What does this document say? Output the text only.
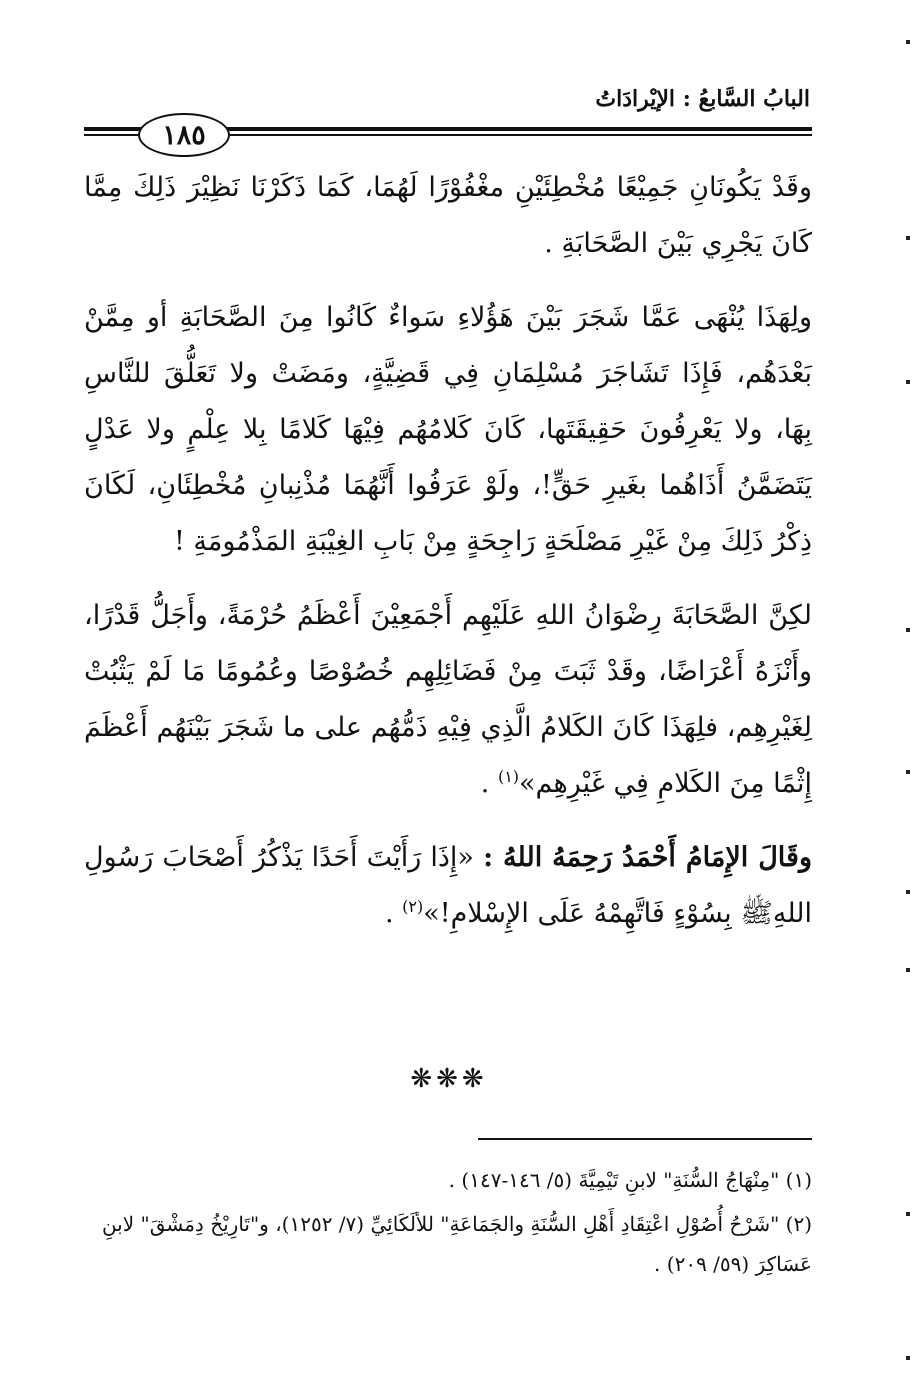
البابُ السَّابعُ : الإيْرادَاتُ
١٨٥

وقَدْ يَكُونَانِ جَمِيْعًا مُخْطِئَيْنِ مغْفُوْرًا لَهُمَا، كَمَا ذَكَرْنَا نَظِيْرَ ذَلِكَ مِمَّا كَانَ يَجْرِي بَيْنَ الصَّحَابَةِ .

ولِهَذَا يُنْهَى عَمَّا شَجَرَ بَيْنَ هَؤُلاءِ سَواءٌ كَانُوا مِنَ الصَّحَابَةِ أو مِمَّنْ بَعْدَهُم، فَإِذَا تَشَاجَرَ مُسْلِمَانِ فِي قَضِيَّةٍ، ومَضَتْ ولا تَعَلُّقَ للنَّاسِ بِهَا، ولا يَعْرِفُونَ حَقِيقَتَها، كَانَ كَلامُهُم فِيْهَا كَلامًا بِلا عِلْمٍ ولا عَدْلٍ يَتَضَمَّنُ أَذَاهُما بغَيرِ حَقٍّ!، ولَوْ عَرَفُوا أَنَّهُمَا مُذْنِبانِ مُخْطِئَانِ، لَكَانَ ذِكْرُ ذَلِكَ مِنْ غَيْرِ مَصْلَحَةٍ رَاجِحَةٍ مِنْ بَابِ الغِيْبَةِ المَذْمُومَةِ !

لكِنَّ الصَّحَابَةَ رِضْوَانُ اللهِ عَلَيْهِم أَجْمَعِيْنَ أَعْظَمُ حُرْمَةً، وأَجَلُّ قَدْرًا، وأَنْزَهُ أَعْرَاضًا، وقَدْ ثَبَتَ مِنْ فَضَائِلِهِم خُصُوْصًا وعُمُومًا مَا لَمْ يَثْبُتْ لِغَيْرِهِم، فلِهَذَا كَانَ الكَلامُ الَّذِي فِيْهِ ذَمُّهُم على ما شَجَرَ بَيْنَهُم أَعْظَمَ إِثْمًا مِنَ الكَلامِ فِي غَيْرِهِم»$^{(١)}$ .

وقَالَ الإِمَامُ أَحْمَدُ رَحِمَهُ اللهُ : «إِذَا رَأَيْتَ أَحَدًا يَذْكُرُ أَصْحَابَ رَسُولِ اللهِﷺ بِسُوْءٍ فَاتَّهِمْهُ عَلَى الإِسْلامِ!»$^{(٢)}$ .

❋❋❋

(١) "مِنْهَاجُ السُّنَةِ" لابنِ تَيْمِيَّةَ (٥/ ١٤٦-١٤٧) .

(٢) "شَرْحُ أُصُوْلِ اعْتِقَادِ أَهْلِ السُّنَةِ والجَمَاعَةِ" للألَكَائِيِّ (٧/ ١٢٥٢)، و"تَارِيْخُ دِمَشْقَ" لابنِ عَسَاكِرَ (٥٩/ ٢٠٩) .
